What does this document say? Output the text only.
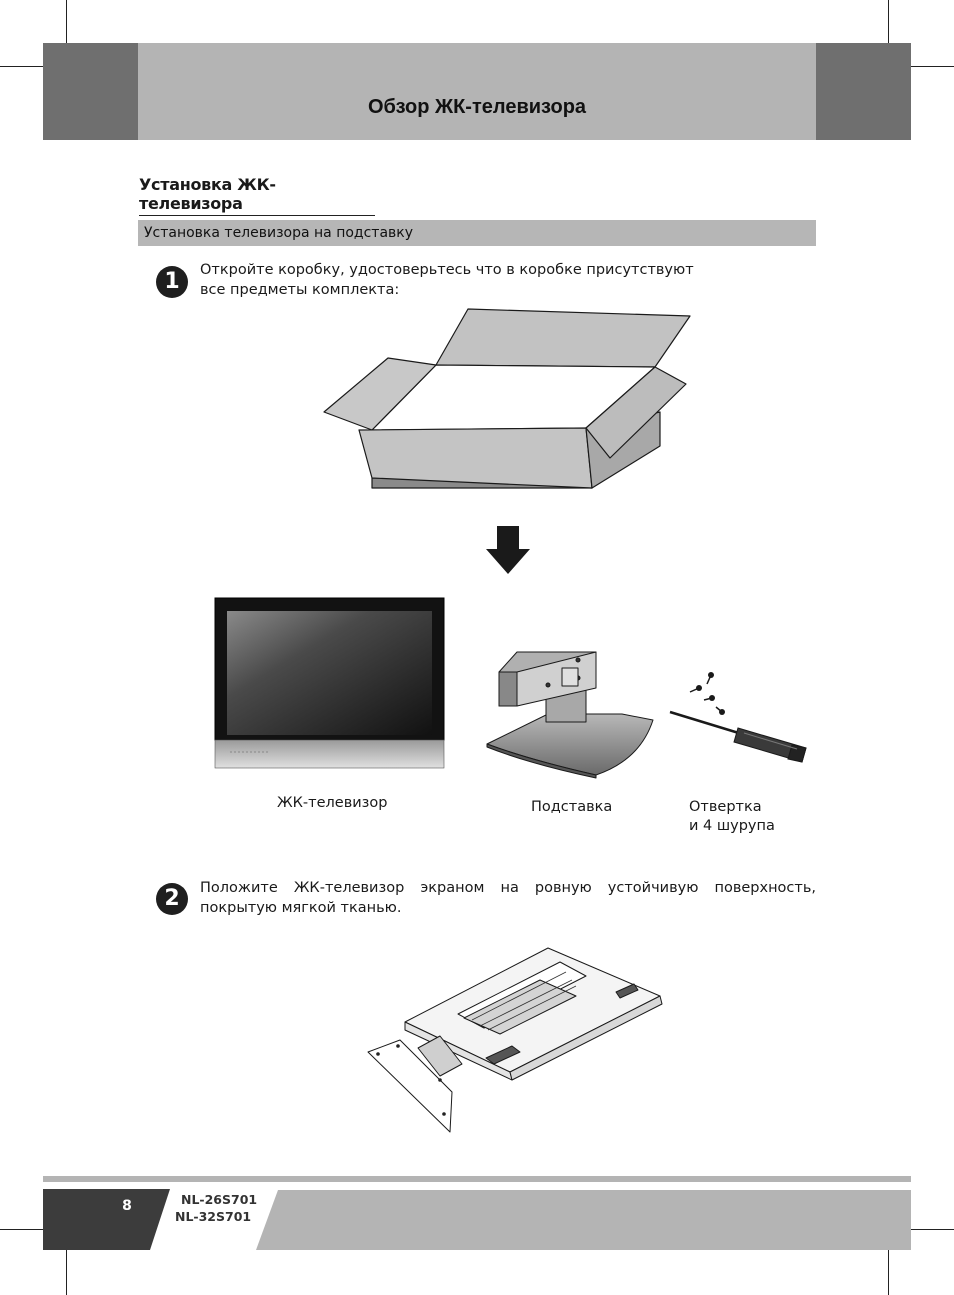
Обзор ЖК-телевизора
Установка ЖК-телевизора
Установка телевизора на подставку
1	Откройте коробку, удостоверьтесь что в коробке присутствуют
все предметы комплекта:
ЖК-телевизор	Подставка	Отвертка
и 4 шурупа
2	Положите ЖК-телевизор экраном на ровную устойчивую поверхность,
покрытую мягкой тканью.
8	NL-26S701
NL-32S701
